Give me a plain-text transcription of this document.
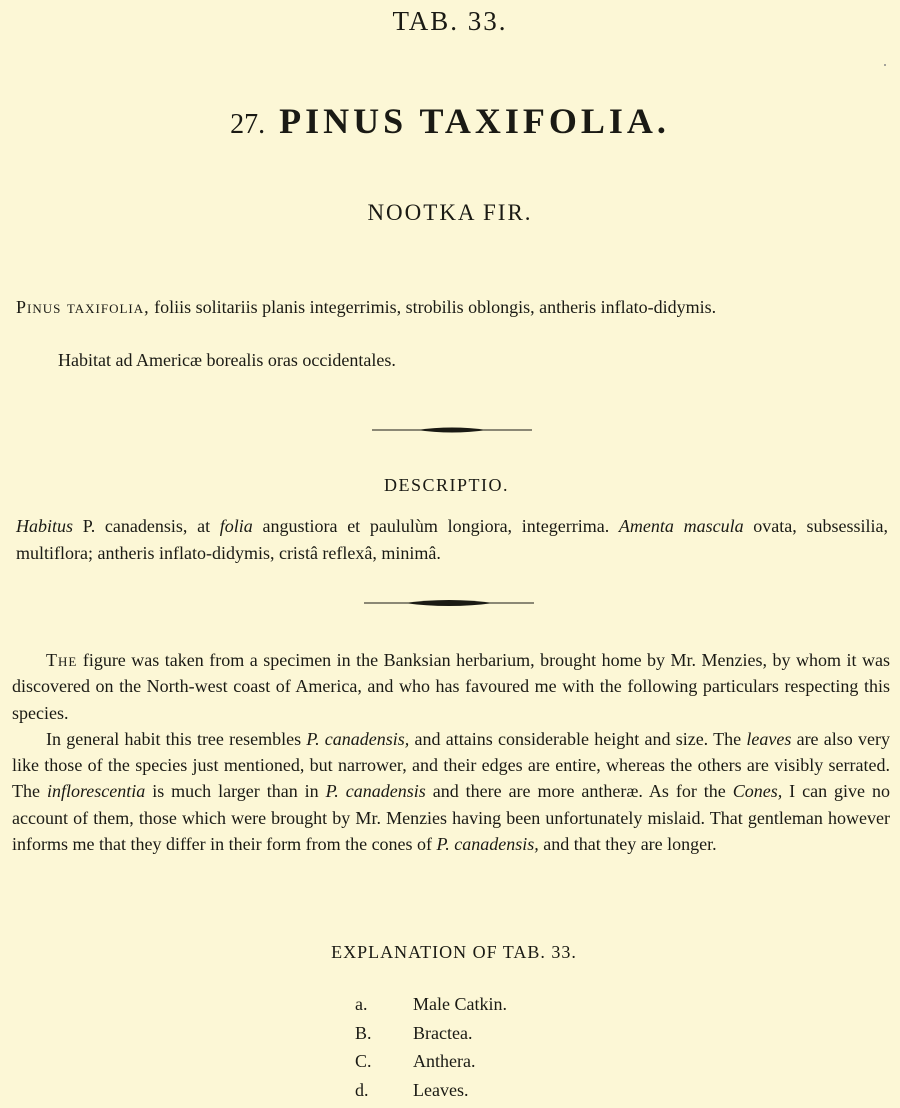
TAB. 33.
27. PINUS TAXIFOLIA.
NOOTKA FIR.
Pinus taxifolia, foliis solitariis planis integerrimis, strobilis oblongis, antheris inflato-didymis.
Habitat ad Americæ borealis oras occidentales.
DESCRIPTIO.
Habitus P. canadensis, at folia angustiora et paululùm longiora, integerrima. Amenta mascula ovata, subsessilia, multiflora; antheris inflato-didymis, cristâ reflexâ, minimâ.

The figure was taken from a specimen in the Banksian herbarium, brought home by Mr. Menzies, by whom it was discovered on the North-west coast of America, and who has favoured me with the following particulars respecting this species.

In general habit this tree resembles P. canadensis, and attains considerable height and size. The leaves are also very like those of the species just mentioned, but narrower, and their edges are entire, whereas the others are visibly serrated. The inflorescentia is much larger than in P. canadensis and there are more antheræ. As for the Cones, I can give no account of them, those which were brought by Mr. Menzies having been unfortunately mislaid. That gentleman however informs me that they differ in their form from the cones of P. canadensis, and that they are longer.

EXPLANATION OF TAB. 33.
a.	Male Catkin.
B.	Bractea.
C.	Anthera.
d.	Leaves.
